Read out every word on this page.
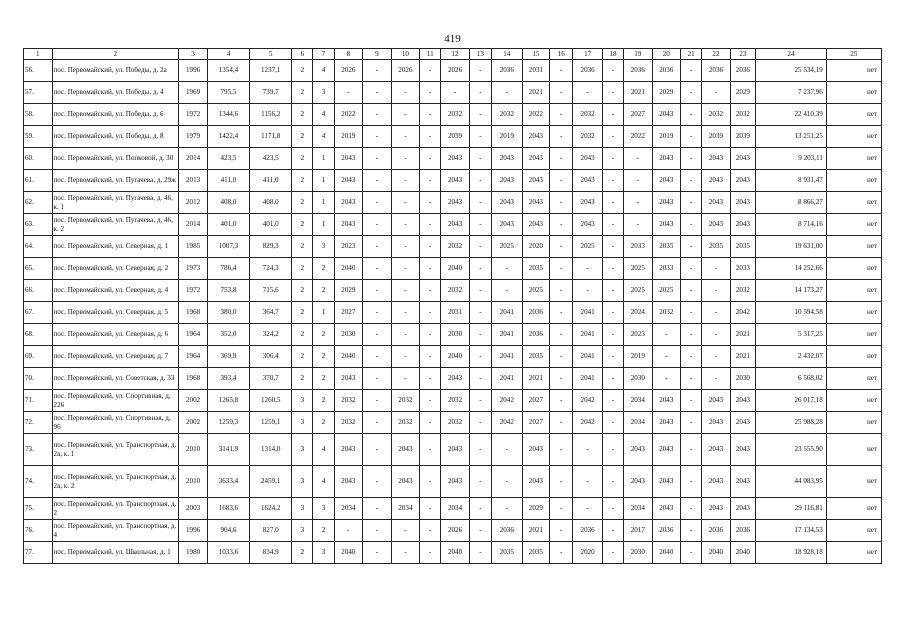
419
1	2	3	4	5	6	7	8	9	10	11	12	13	14	15	16	17	18	19	20	21	22	23	24	25
56.	пос. Первомайский, ул. Победы, д. 2а	1996	1354,4	1237,1	2	4	2026	-	2026	-	2026	-	2036	2031	-	2036	-	2036	2036	-	2036	2036	25 534,19	нет
57.	пос. Первомайский, ул. Победы, д. 4	1969	795,5	739,7	2	3	-	-	-	-	-	-	-	2021	-	-	-	2021	2029	-	-	2029	7 237,96	нет
58.	пос. Первомайский, ул. Победы, д. 6	1972	1344,6	1156,2	2	4	2022	-	-	-	2032	-	2032	2022	-	2032	-	2027	2043	-	2032	2032	22 410,39	нет
59.	пос. Первомайский, ул. Победы, д. 8	1979	1422,4	1171,8	2	4	2019	-	-	-	2039	-	2019	2043	-	2032	-	2022	2019	-	2039	2039	13 251,25	нет
60.	пос. Первомайский, ул. Попковой, д. 30	2014	423,5	423,5	2	1	2043	-	-	-	2043	-	2043	2043	-	2043	-	-	2043	-	2043	2043	9 203,11	нет
61.	пос. Первомайский, ул. Пугачева, д. 29ж	2013	411,0	411,0	2	1	2043	-	-	-	2043	-	2043	2043	-	2043	-	-	2043	-	2043	2043	8 931,47	нет
62.	пос. Первомайский, ул. Пугачева, д. 46, к. 1	2012	408,0	408,0	2	1	2043	-	-	-	2043	-	2043	2043	-	2043	-	-	2043	-	2043	2043	8 866,27	нет
63.	пос. Первомайский, ул. Пугачева, д. 46, к. 2	2014	401,0	401,0	2	1	2043	-	-	-	2043	-	2043	2043	-	2043	-	-	2043	-	2043	2043	8 714,16	нет
64.	пос. Первомайский, ул. Северная, д. 1	1985	1007,3	829,3	2	3	2023	-	-	-	2032	-	2025	2020	-	2025	-	2033	2035	-	2035	2035	19 631,00	нет
65.	пос. Первомайский, ул. Северная, д. 2	1973	786,4	724,3	2	2	2040	-	-	-	2040	-	-	2035	-	-	-	2025	2033	-	-	2033	14 252,66	нет
66.	пос. Первомайский, ул. Северная, д. 4	1972	753,8	715,6	2	2	2029	-	-	-	2032	-	-	2025	-	-	-	2025	2025	-	-	2032	14 173,27	нет
67.	пос. Первомайский, ул. Северная, д. 5	1968	380,0	364,7	2	1	2027	-	-	-	2031	-	2041	2036	-	2041	-	2024	2032	-	-	2042	10 594,58	нет
68.	пос. Первомайский, ул. Северная, д. 6	1964	352,0	324,2	2	2	2030	-	-	-	2030	-	2041	2036	-	2041	-	2023	-	-	-	2021	5 317,25	нет
69.	пос. Первомайский, ул. Северная, д. 7	1964	369,9	306,4	2	2	2040	-	-	-	2040	-	2041	2035	-	2041	-	2019	-	-	-	2021	2 432,07	нет
70.	пос. Первомайский, ул. Советская, д. 33	1968	393,4	370,7	2	2	2043	-	-	-	2043	-	2041	2021	-	2041	-	2030	-	-	-	2030	6 568,02	нет
71.	пос. Первомайский, ул. Спортивная, д. 226	2002	1265,8	1260,5	3	2	2032	-	2032	-	2032	-	2042	2027	-	2042	-	2034	2043	-	2043	2043	26 017,18	нет
72.	пос. Первомайский, ул. Спортивная, д. 96	2002	1259,3	1259,1	3	2	2032	-	2032	-	2032	-	2042	2027	-	2042	-	2034	2043	-	2043	2043	25 988,28	нет
73.	пос. Первомайский, ул. Транспортная, д. 2а, к. 1	2010	3141,9	1314,0	3	4	2043	-	2043	-	2043	-	-	2043	-	-	-	2043	2043	-	2043	2043	23 555,90	нет
74.	пос. Первомайский, ул. Транспортная, д. 2а, к. 2	2010	3633,4	2459,1	3	4	2043	-	2043	-	2043	-	-	2043	-	-	-	2043	2043	-	2043	2043	44 083,95	нет
75.	пос. Первомайский, ул. Транспортная, д. 2	2003	1683,6	1624,2	3	3	2034	-	2034	-	2034	-	-	2029	-	-	-	2034	2043	-	2043	2043	29 116,81	нет
76.	пос. Первомайский, ул. Транспортная, д. 4	1996	904,6	827,0	3	2	-	-	-	-	2026	-	2036	2021	-	2036	-	2017	2036	-	2036	2036	17 134,53	нет
77.	пос. Первомайский, ул. Школьная, д. 1	1980	1033,6	834,9	2	3	2040	-	-	-	2040	-	2035	2035	-	2020	-	2030	2040	-	2040	2040	18 928,18	нет
